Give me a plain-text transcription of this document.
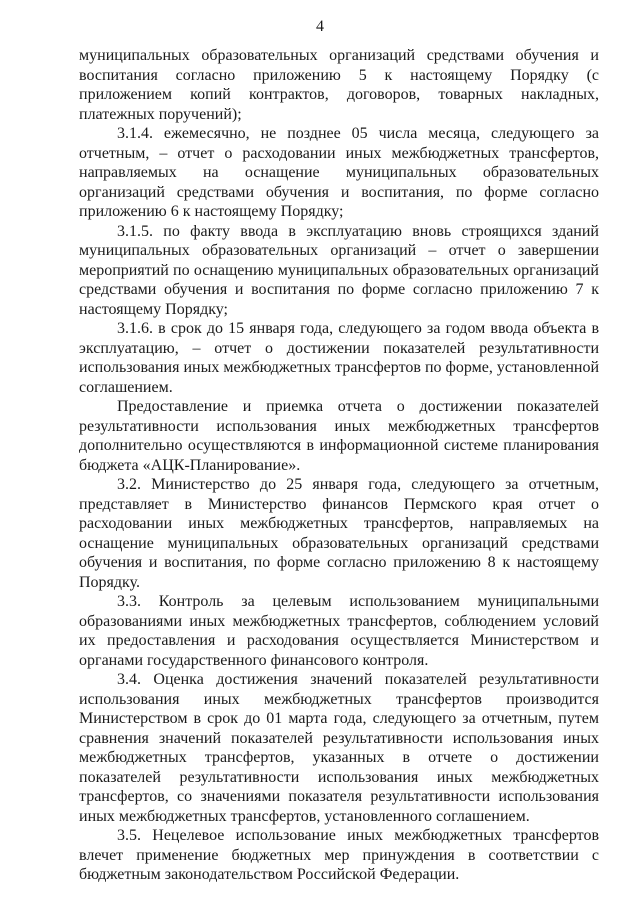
4

муниципальных образовательных организаций средствами обучения и воспитания согласно приложению 5 к настоящему Порядку (с приложением копий контрактов, договоров, товарных накладных, платежных поручений);

3.1.4. ежемесячно, не позднее 05 числа месяца, следующего за отчетным, – отчет о расходовании иных межбюджетных трансфертов, направляемых на оснащение муниципальных образовательных организаций средствами обучения и воспитания, по форме согласно приложению 6 к настоящему Порядку;

3.1.5. по факту ввода в эксплуатацию вновь строящихся зданий муниципальных образовательных организаций – отчет о завершении мероприятий по оснащению муниципальных образовательных организаций средствами обучения и воспитания по форме согласно приложению 7 к настоящему Порядку;

3.1.6. в срок до 15 января года, следующего за годом ввода объекта в эксплуатацию, – отчет о достижении показателей результативности использования иных межбюджетных трансфертов по форме, установленной соглашением.

Предоставление и приемка отчета о достижении показателей результативности использования иных межбюджетных трансфертов дополнительно осуществляются в информационной системе планирования бюджета «АЦК-Планирование».

3.2. Министерство до 25 января года, следующего за отчетным, представляет в Министерство финансов Пермского края отчет о расходовании иных межбюджетных трансфертов, направляемых на оснащение муниципальных образовательных организаций средствами обучения и воспитания, по форме согласно приложению 8 к настоящему Порядку.

3.3. Контроль за целевым использованием муниципальными образованиями иных межбюджетных трансфертов, соблюдением условий их предоставления и расходования осуществляется Министерством и органами государственного финансового контроля.

3.4. Оценка достижения значений показателей результативности использования иных межбюджетных трансфертов производится Министерством в срок до 01 марта года, следующего за отчетным, путем сравнения значений показателей результативности использования иных межбюджетных трансфертов, указанных в отчете о достижении показателей результативности использования иных межбюджетных трансфертов, со значениями показателя результативности использования иных межбюджетных трансфертов, установленного соглашением.

3.5. Нецелевое использование иных межбюджетных трансфертов влечет применение бюджетных мер принуждения в соответствии с бюджетным законодательством Российской Федерации.
